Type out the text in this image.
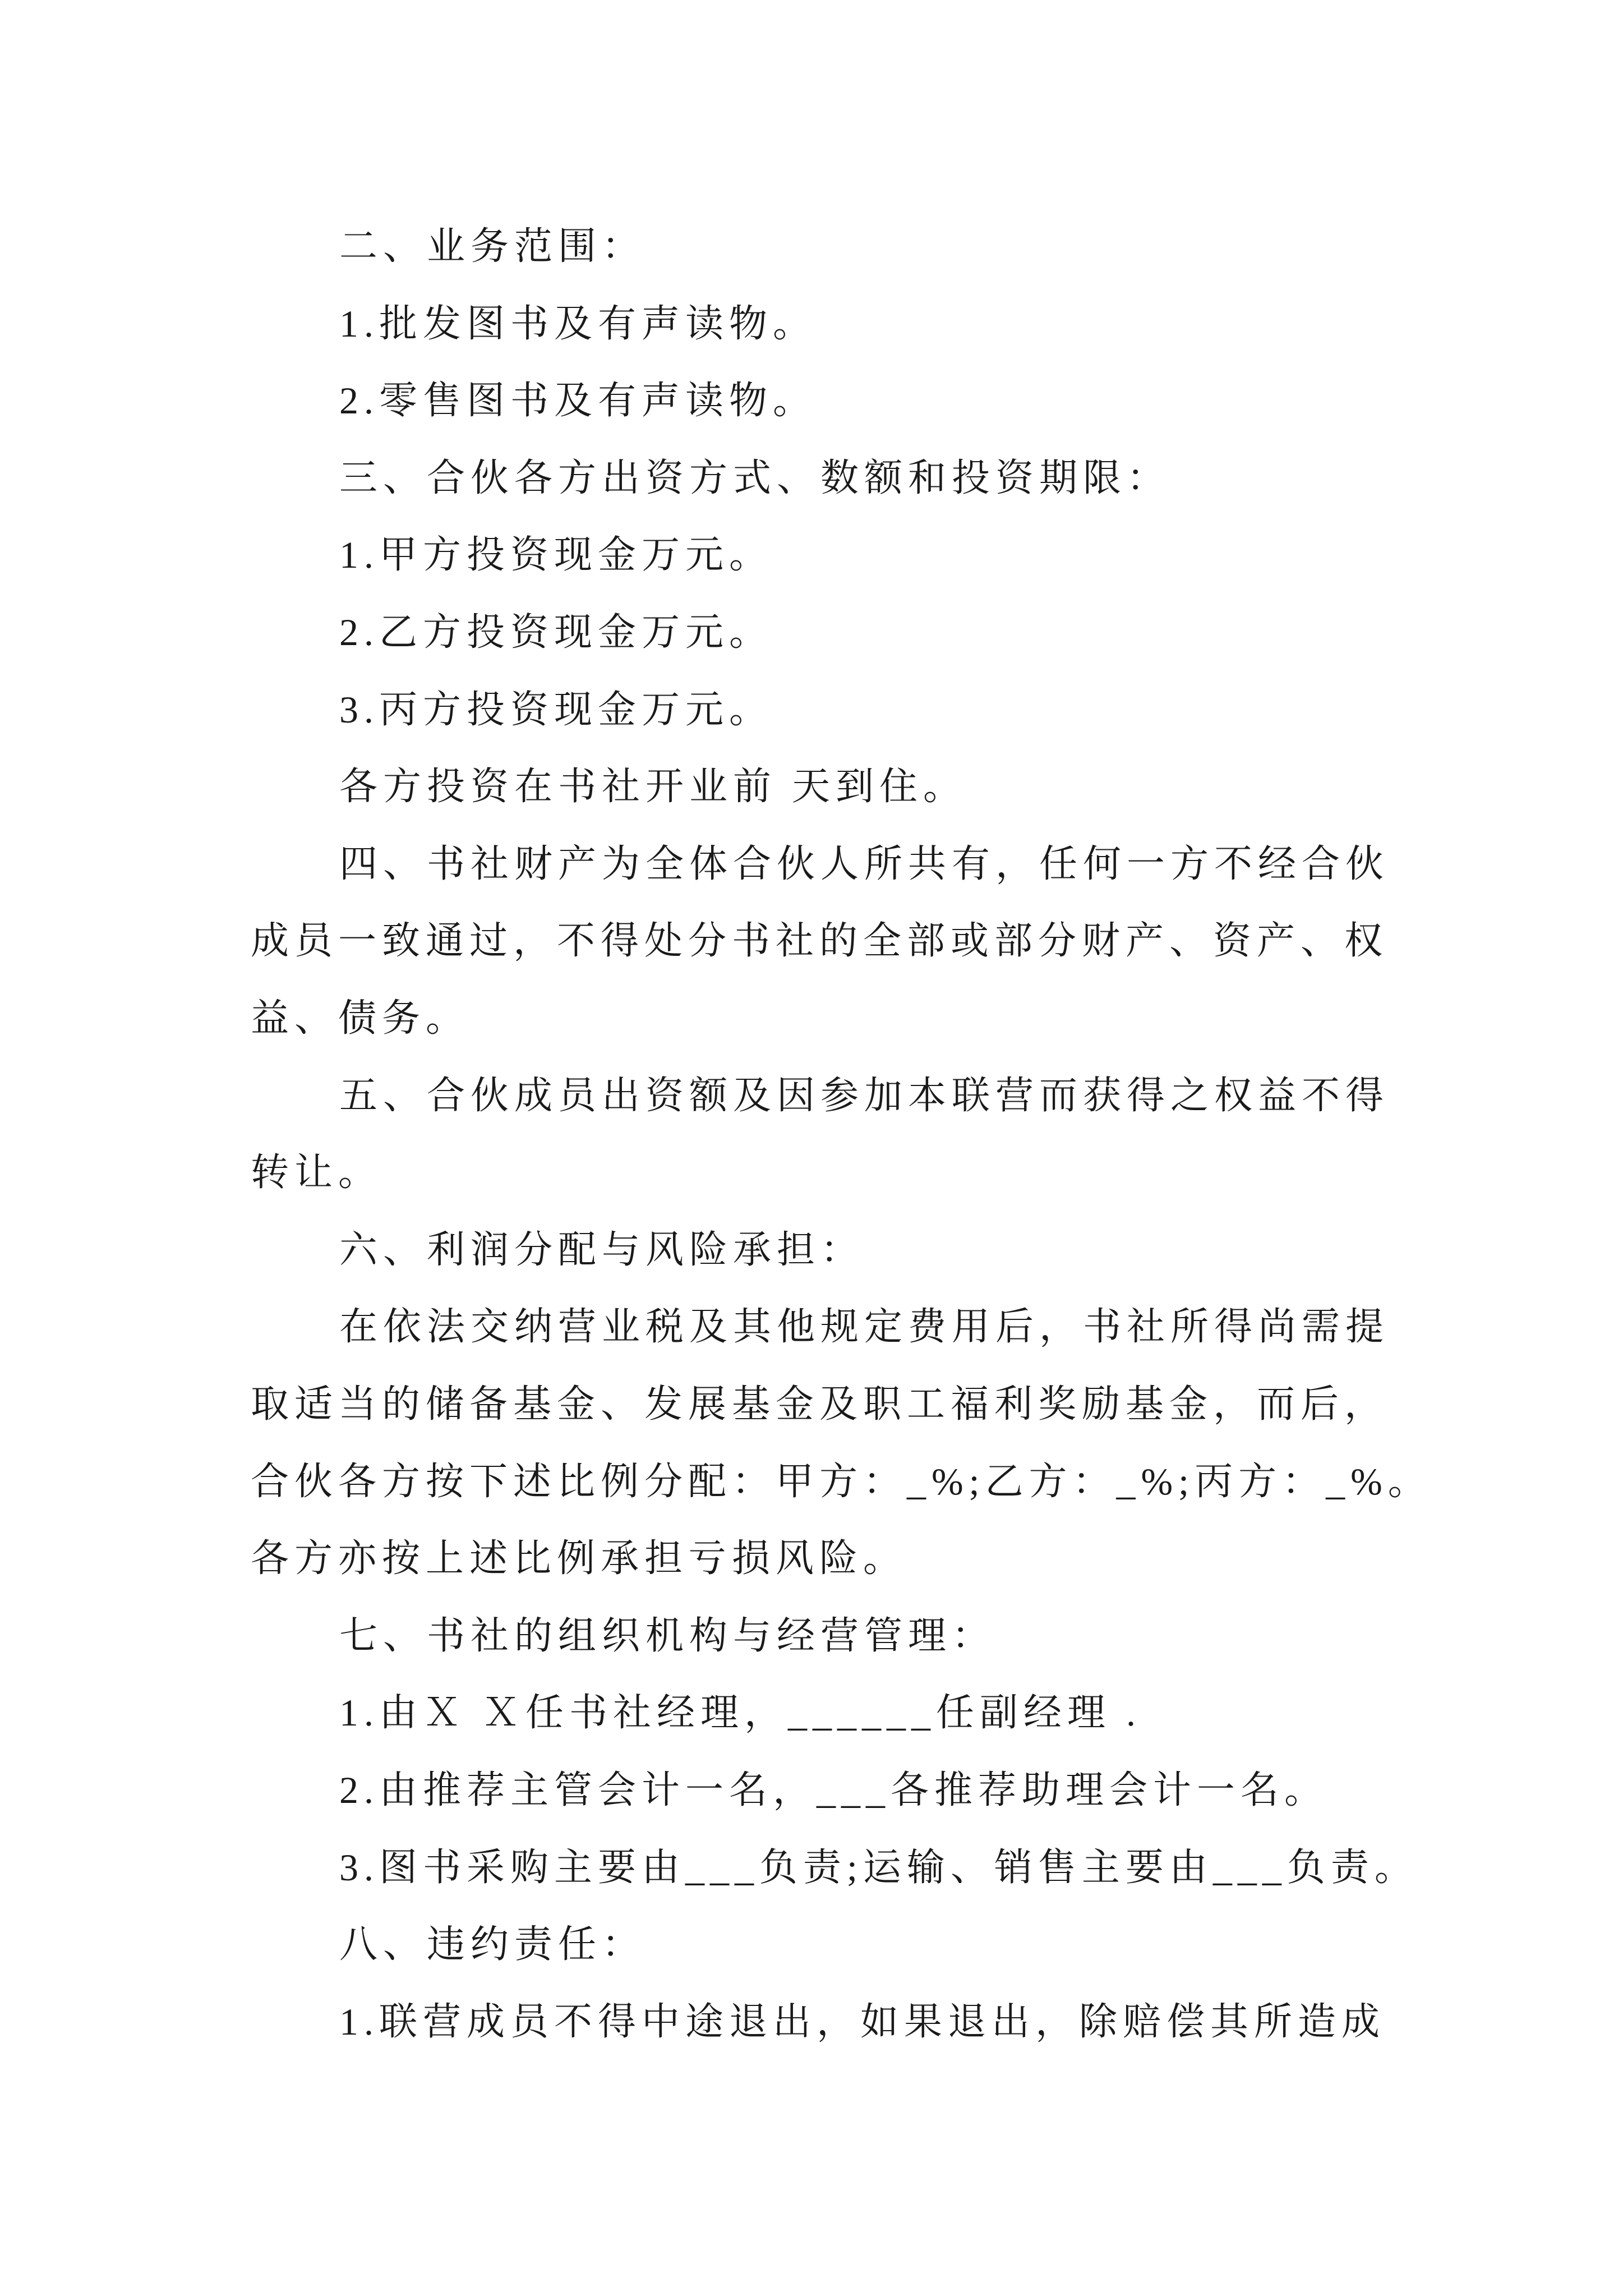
二、业务范围：
1.批发图书及有声读物。
2.零售图书及有声读物。
三、合伙各方出资方式、数额和投资期限：
1.甲方投资现金万元。
2.乙方投资现金万元。
3.丙方投资现金万元。
各方投资在书社开业前 天到住。
四、书社财产为全体合伙人所共有，任何一方不经合伙
成员一致通过，不得处分书社的全部或部分财产、资产、权
益、债务。
五、合伙成员出资额及因参加本联营而获得之权益不得
转让。
六、利润分配与风险承担：
在依法交纳营业税及其他规定费用后，书社所得尚需提
取适当的储备基金、发展基金及职工福利奖励基金，而后，
合伙各方按下述比例分配：甲方：_%;乙方：_%;丙方：_%。
各方亦按上述比例承担亏损风险。
七、书社的组织机构与经营管理：
1.由Ｘ Ｘ任书社经理，______任副经理 .
2.由推荐主管会计一名，___各推荐助理会计一名。
3.图书采购主要由___负责;运输、销售主要由___负责。
八、违约责任：
1.联营成员不得中途退出，如果退出，除赔偿其所造成
